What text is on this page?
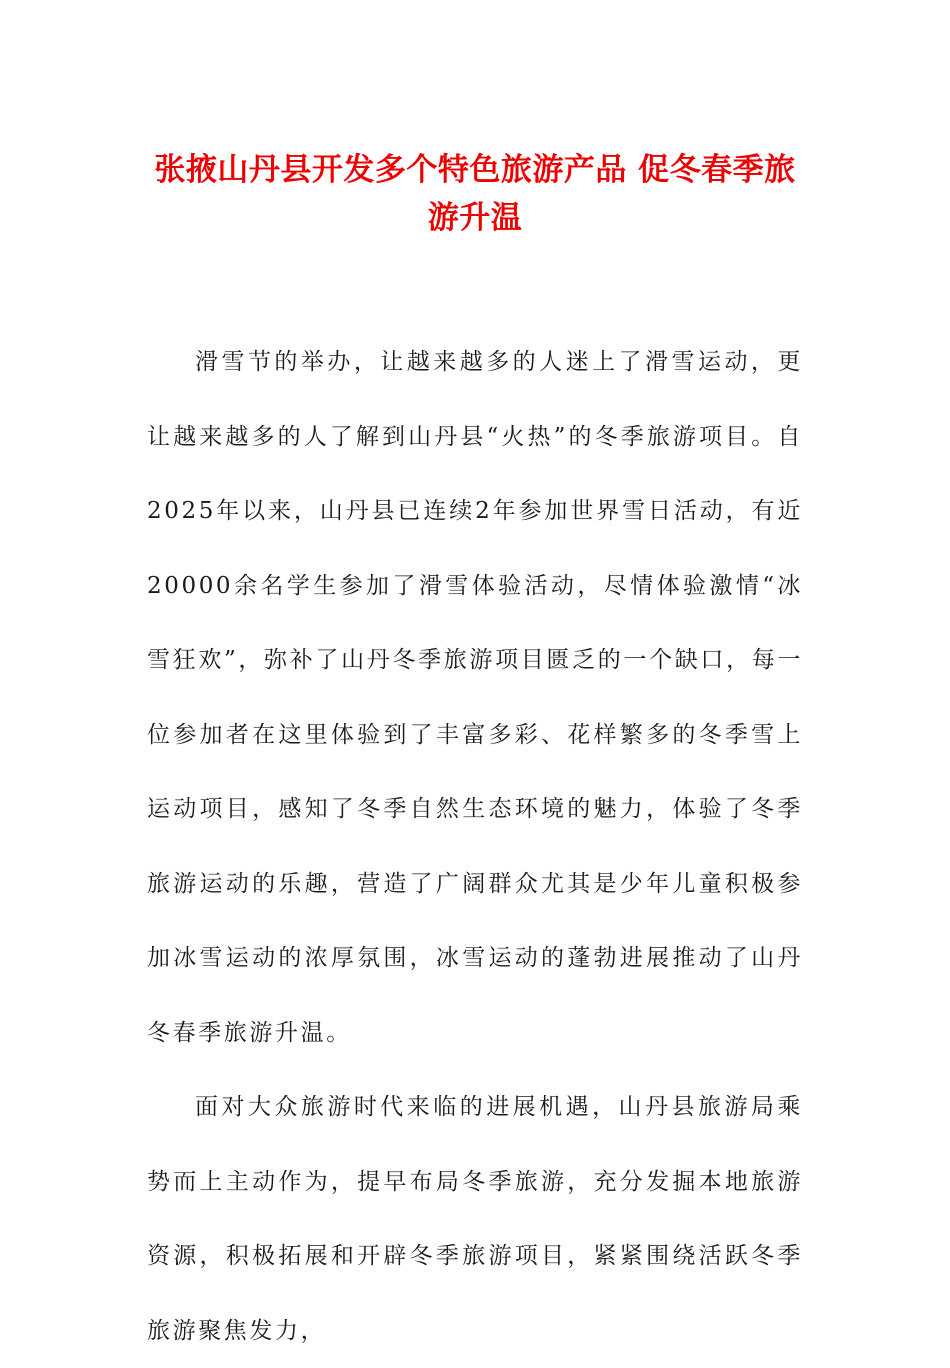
张掖山丹县开发多个特色旅游产品 促冬春季旅游升温

滑雪节的举办，让越来越多的人迷上了滑雪运动，更让越来越多的人了解到山丹县“火热”的冬季旅游项目。自2025年以来，山丹县已连续2年参加世界雪日活动，有近20000余名学生参加了滑雪体验活动，尽情体验激情“冰雪狂欢”，弥补了山丹冬季旅游项目匮乏的一个缺口，每一位参加者在这里体验到了丰富多彩、花样繁多的冬季雪上运动项目，感知了冬季自然生态环境的魅力，体验了冬季旅游运动的乐趣，营造了广阔群众尤其是少年儿童积极参加冰雪运动的浓厚氛围，冰雪运动的蓬勃进展推动了山丹冬春季旅游升温。

面对大众旅游时代来临的进展机遇，山丹县旅游局乘势而上主动作为，提早布局冬季旅游，充分发掘本地旅游资源，积极拓展和开辟冬季旅游项目，紧紧围绕活跃冬季旅游聚焦发力，
